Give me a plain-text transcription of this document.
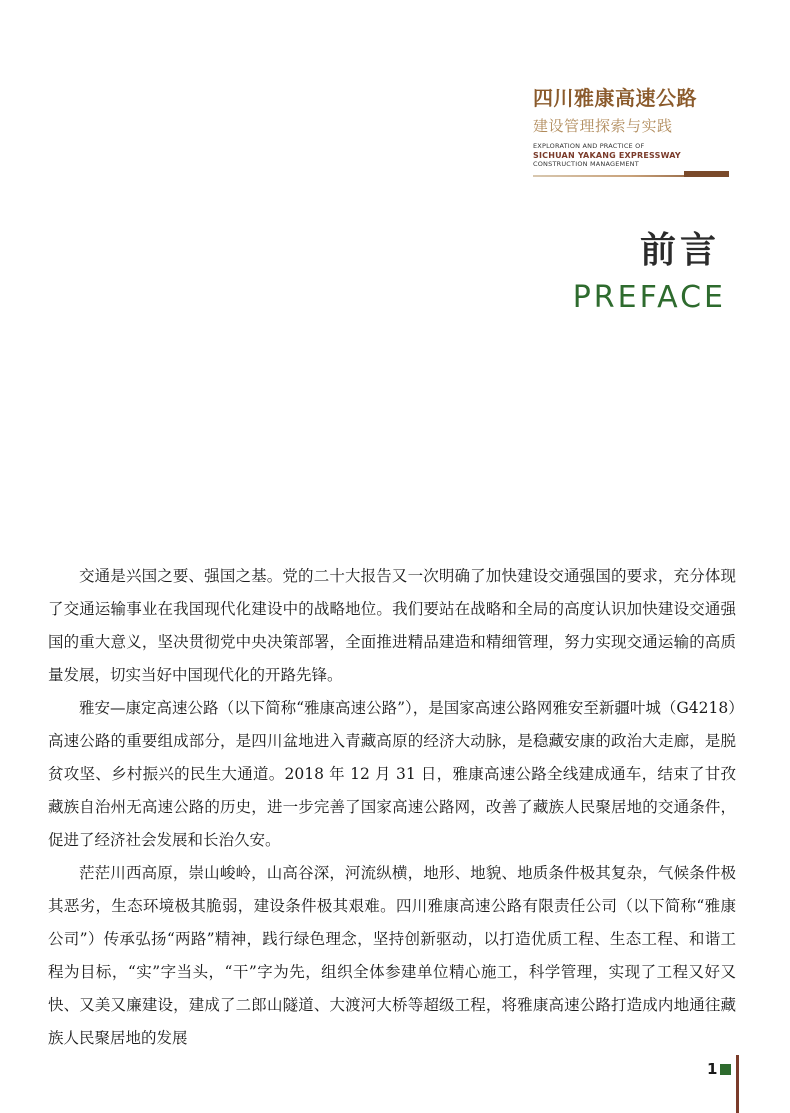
四川雅康高速公路
建设管理探索与实践
EXPLORATION AND PRACTICE OF
SICHUAN YAKANG EXPRESSWAY
CONSTRUCTION MANAGEMENT
前言
PREFACE

交通是兴国之要、强国之基。党的二十大报告又一次明确了加快建设交通强国的要求，充分体现了交通运输事业在我国现代化建设中的战略地位。我们要站在战略和全局的高度认识加快建设交通强国的重大意义，坚决贯彻党中央决策部署，全面推进精品建造和精细管理，努力实现交通运输的高质量发展，切实当好中国现代化的开路先锋。

雅安—康定高速公路（以下简称“雅康高速公路”），是国家高速公路网雅安至新疆叶城（G4218）高速公路的重要组成部分，是四川盆地进入青藏高原的经济大动脉，是稳藏安康的政治大走廊，是脱贫攻坚、乡村振兴的民生大通道。2018 年 12 月 31 日，雅康高速公路全线建成通车，结束了甘孜藏族自治州无高速公路的历史，进一步完善了国家高速公路网，改善了藏族人民聚居地的交通条件，促进了经济社会发展和长治久安。

茫茫川西高原，崇山峻岭，山高谷深，河流纵横，地形、地貌、地质条件极其复杂，气候条件极其恶劣，生态环境极其脆弱，建设条件极其艰难。四川雅康高速公路有限责任公司（以下简称“雅康公司”）传承弘扬“两路”精神，践行绿色理念，坚持创新驱动，以打造优质工程、生态工程、和谐工程为目标，“实”字当头，“干”字为先，组织全体参建单位精心施工，科学管理，实现了工程又好又快、又美又廉建设，建成了二郎山隧道、大渡河大桥等超级工程，将雅康高速公路打造成内地通往藏族人民聚居地的发展

1
